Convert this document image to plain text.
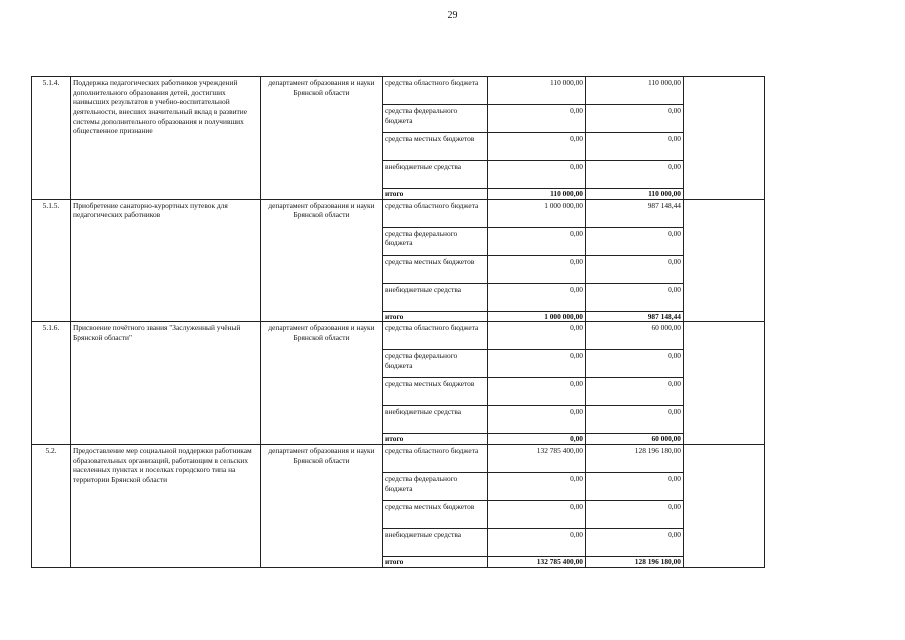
29
5.1.4.	Поддержка педагогических работников учреждений дополнительного образования детей, достигших наивысших результатов в учебно-воспитательной деятельности, внесших значительный вклад в развитие системы дополнительного образования и получивших общественное признание	департамент образования и науки Брянской области	средства областного бюджета	110 000,00	110 000,00	
			средства федерального бюджета	0,00	0,00	
			средства местных бюджетов	0,00	0,00	
			внебюджетные средства	0,00	0,00	
			итого	110 000,00	110 000,00	
5.1.5.	Приобретение санаторно-курортных путевок для педагогических работников	департамент образования и науки Брянской области	средства областного бюджета	1 000 000,00	987 148,44	
			средства федерального бюджета	0,00	0,00	
			средства местных бюджетов	0,00	0,00	
			внебюджетные средства	0,00	0,00	
			итого	1 000 000,00	987 148,44	
5.1.6.	Присвоение почётного звания "Заслуженный учёный Брянской области"	департамент образования и науки Брянской области	средства областного бюджета	0,00	60 000,00	
			средства федерального бюджета	0,00	0,00	
			средства местных бюджетов	0,00	0,00	
			внебюджетные средства	0,00	0,00	
			итого	0,00	60 000,00	
5.2.	Предоставление мер социальной поддержки работникам образовательных организаций, работающим в сельских населенных пунктах и поселках городского типа на территории Брянской области	департамент образования и науки Брянской области	средства областного бюджета	132 785 400,00	128 196 180,00	
			средства федерального бюджета	0,00	0,00	
			средства местных бюджетов	0,00	0,00	
			внебюджетные средства	0,00	0,00	
			итого	132 785 400,00	128 196 180,00	
